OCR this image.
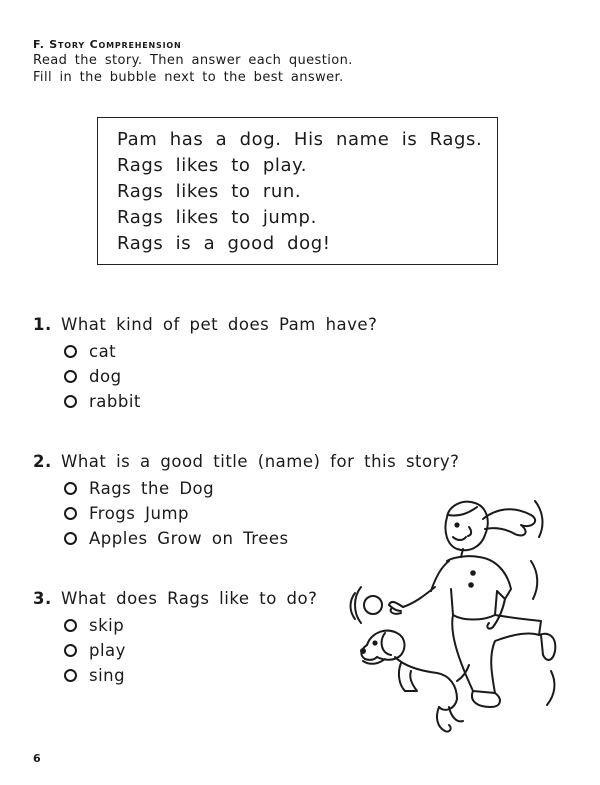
F. Story Comprehension
Read the story. Then answer each question.
Fill in the bubble next to the best answer.
Pam has a dog. His name is Rags.
Rags likes to play.
Rags likes to run.
Rags likes to jump.
Rags is a good dog!
1. What kind of pet does Pam have?
cat
dog
rabbit
2. What is a good title (name) for this story?
Rags the Dog
Frogs Jump
Apples Grow on Trees
3. What does Rags like to do?
skip
play
sing
6
